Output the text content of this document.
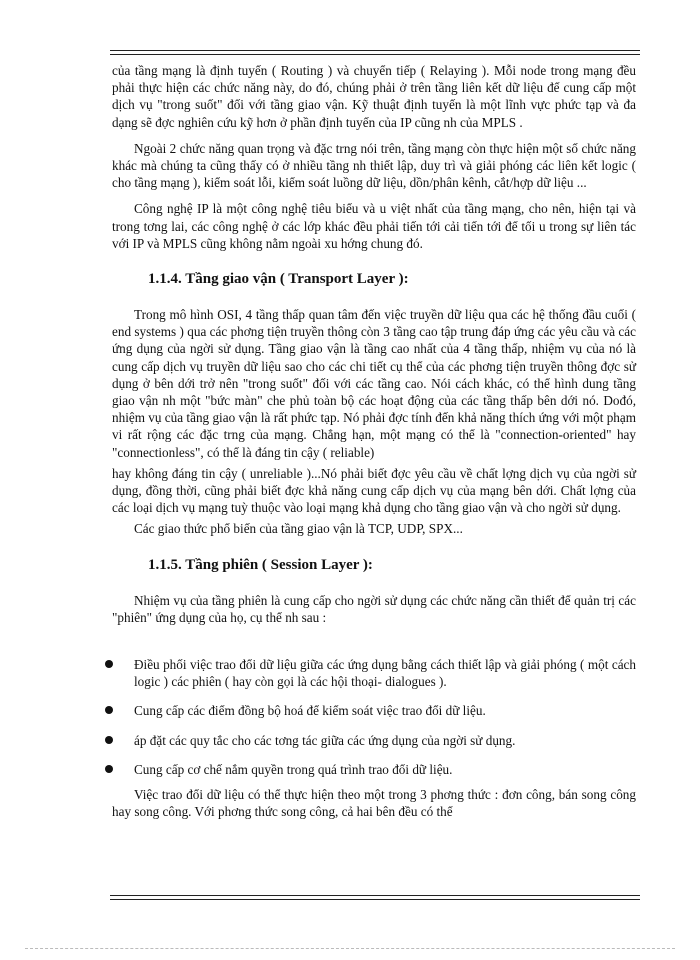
của tầng mạng là định tuyến ( Routing ) và chuyển tiếp ( Relaying ). Mỗi node trong mạng đều phải thực hiện các chức năng này, do đó, chúng phải ở trên tầng liên kết dữ liệu để cung cấp một dịch vụ "trong suốt" đối với tầng giao vận. Kỹ thuật định tuyến là một lĩnh vực phức tạp và đa dạng sẽ đợc nghiên cứu kỹ hơn ở phần định tuyến của IP cũng nh của MPLS .

Ngoài 2 chức năng quan trọng và đặc trng nói trên, tầng mạng còn thực hiện một số chức năng khác mà chúng ta cũng thấy có ở nhiều tầng nh thiết lập, duy trì và giải phóng các liên kết logic ( cho tầng mạng ), kiểm soát lỗi, kiểm soát luồng dữ liệu, dồn/phân kênh, cắt/hợp dữ liệu ...

Công nghệ IP là một công nghệ tiêu biểu và u việt nhất của tầng mạng, cho nên, hiện tại và trong tơng lai, các công nghệ ở các lớp khác đều phải tiến tới cải tiến tới để tối u trong sự liên tác với IP và MPLS cũng không nằm ngoài xu hớng chung đó.

1.1.4. Tầng giao vận ( Transport Layer ):

Trong mô hình OSI, 4 tầng thấp quan tâm đến việc truyền dữ liệu qua các hệ thống đầu cuối ( end systems ) qua các phơng tiện truyền thông còn 3 tầng cao tập trung đáp ứng các yêu cầu và các ứng dụng của ngời sử dụng. Tầng giao vận là tầng cao nhất của 4 tầng thấp, nhiệm vụ của nó là cung cấp dịch vụ truyền dữ liệu sao cho các chi tiết cụ thể của các phơng tiện truyền thông đợc sử dụng ở bên dới trở nên "trong suốt" đối với các tầng cao. Nói cách khác, có thể hình dung tầng giao vận nh một "bức màn" che phủ toàn bộ các hoạt động của các tầng thấp bên dới nó. Dođó, nhiệm vụ của tầng giao vận là rất phức tạp. Nó phải đợc tính đến khả năng thích ứng với một phạm vi rất rộng các đặc trng của mạng. Chẳng hạn, một mạng có thể là "connection-oriented" hay "connectionless", có thể là đáng tin cậy ( reliable)

hay không đáng tin cậy ( unreliable )...Nó phải biết đợc yêu cầu về chất lợng dịch vụ của ngời sử dụng, đồng thời, cũng phải biết đợc khả năng cung cấp dịch vụ của mạng bên dới. Chất lợng của các loại dịch vụ mạng tuỳ thuộc vào loại mạng khả dụng cho tầng giao vận và cho ngời sử dụng.

Các giao thức phổ biến của tầng giao vận là TCP, UDP, SPX...

1.1.5. Tầng phiên ( Session Layer ):

Nhiệm vụ của tầng phiên là cung cấp cho ngời sử dụng các chức năng cần thiết để quản trị các "phiên" ứng dụng của họ, cụ thể nh sau :

Điều phối việc trao đổi dữ liệu giữa các ứng dụng bằng cách thiết lập và giải phóng ( một cách logic ) các phiên ( hay còn gọi là các hội thoại- dialogues ).
Cung cấp các điểm đồng bộ hoá để kiểm soát việc trao đổi dữ liệu.
áp đặt các quy tắc cho các tơng tác giữa các ứng dụng của ngời sử dụng.
Cung cấp cơ chế nắm quyền trong quá trình trao đổi dữ liệu.

Việc trao đổi dữ liệu có thể thực hiện theo một trong 3 phơng thức : đơn công, bán song công hay song công. Với phơng thức song công, cả hai bên đều có thể
